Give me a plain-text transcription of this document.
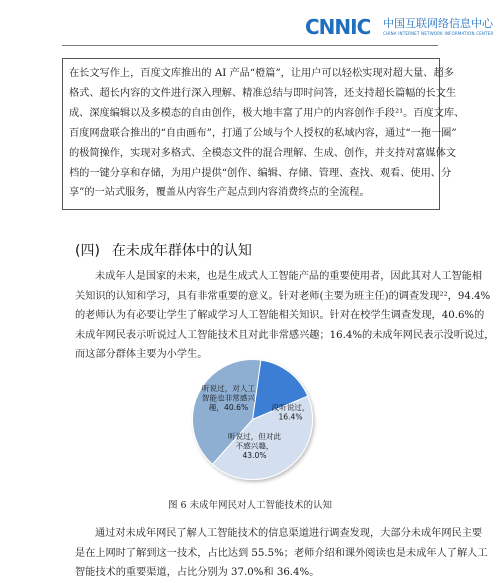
CNNIC 中国互联网络信息中心
CHINA INTERNET NETWORK INFORMATION CENTER
在长文写作上，百度文库推出的 AI 产品“橙篇”，让用户可以轻松实现对超大量、超多
格式、超长内容的文件进行深入理解、精准总结与即时问答，还支持超长篇幅的长文生
成、深度编辑以及多模态的自由创作，极大地丰富了用户的内容创作手段²¹。百度文库、
百度网盘联合推出的“自由画布”，打通了公域与个人授权的私域内容，通过“一拖一圈”
的极简操作，实现对多格式、全模态文件的混合理解、生成、创作，并支持对富媒体文
档的一键分享和存储，为用户提供“创作、编辑、存储、管理、查找、观看、使用、分
享”的一站式服务，覆盖从内容生产起点到内容消费终点的全流程。
(四) 在未成年群体中的认知
未成年人是国家的未来，也是生成式人工智能产品的重要使用者，因此其对人工智能相
关知识的认知和学习，具有非常重要的意义。针对老师(主要为班主任)的调查发现²²，94.4%
的老师认为有必要让学生了解或学习人工智能相关知识。针对在校学生调查发现，40.6%的
未成年网民表示听说过人工智能技术且对此非常感兴趣；16.4%的未成年网民表示没听说过，
而这部分群体主要为小学生。
没听说过， 16.4%
听说过，但对此不感兴趣， 43.0%
听说过，对人工智能也非常感兴趣，40.6%
图 6 未成年网民对人工智能技术的认知
通过对未成年网民了解人工智能技术的信息渠道进行调查发现，大部分未成年网民主要
是在上网时了解到这一技术，占比达到 55.5%；老师介绍和课外阅读也是未成年人了解人工
智能技术的重要渠道，占比分别为 37.0%和 36.4%。
